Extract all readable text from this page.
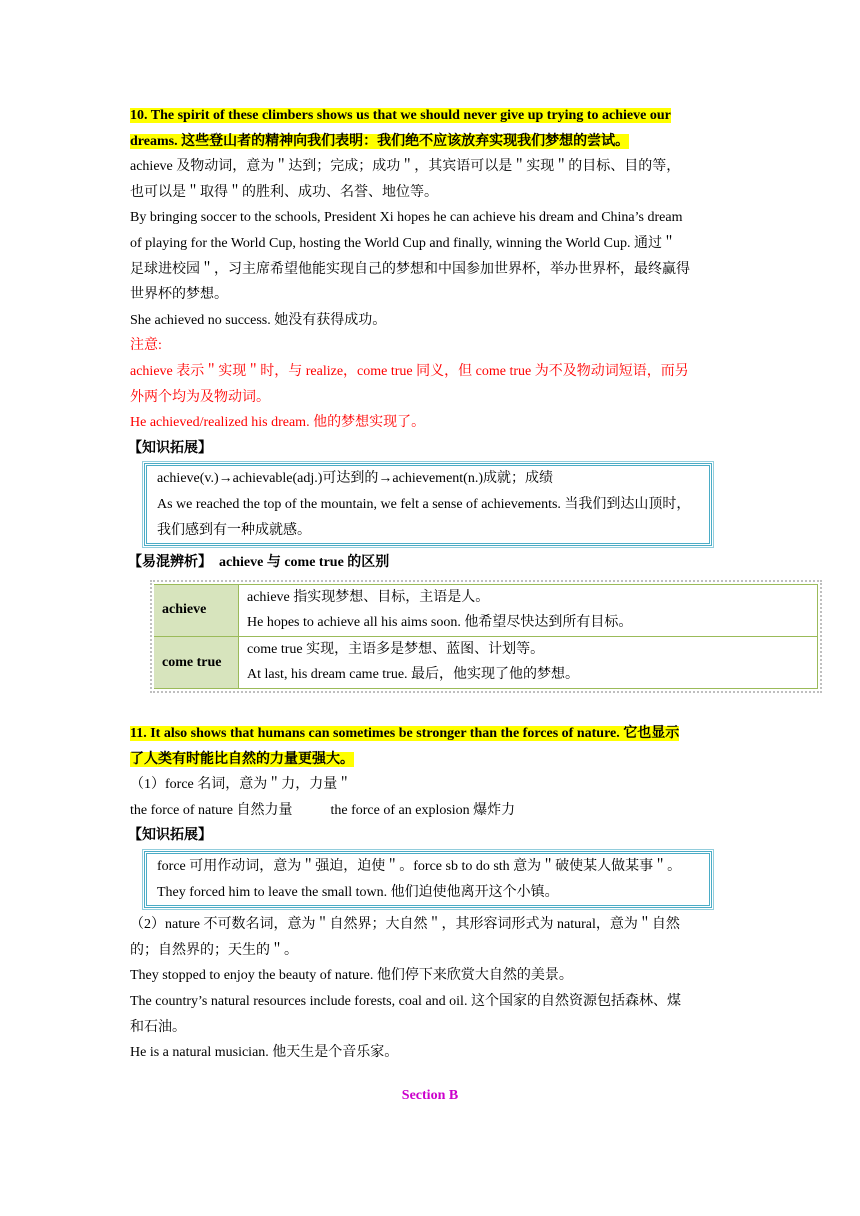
10. The spirit of these climbers shows us that we should never give up trying to achieve our
dreams. 这些登山者的精神向我们表明：我们绝不应该放弃实现我们梦想的尝试。

achieve 及物动词，意为＂达到；完成；成功＂，其宾语可以是＂实现＂的目标、目的等，
也可以是＂取得＂的胜利、成功、名誉、地位等。

By bringing soccer to the schools, President Xi hopes he can achieve his dream and China’s dream
of playing for the World Cup, hosting the World Cup and finally, winning the World Cup. 通过＂
足球进校园＂，习主席希望他能实现自己的梦想和中国参加世界杯，举办世界杯，最终赢得
世界杯的梦想。

She achieved no success. 她没有获得成功。

注意:

achieve 表示＂实现＂时，与 realize，come true 同义，但 come true 为不及物动词短语，而另
外两个均为及物动词。

He achieved/realized his dream. 他的梦想实现了。

【知识拓展】

achieve(v.)→achievable(adj.)可达到的→achievement(n.)成就；成绩

As we reached the top of the mountain, we felt a sense of achievements. 当我们到达山顶时，
我们感到有一种成就感。

【易混辨析】 achieve 与 come true 的区别

achieve	achieve 指实现梦想、目标，主语是人。
He hopes to achieve all his aims soon. 他希望尽快达到所有目标。
come true	come true 实现，主语多是梦想、蓝图、计划等。
At last, his dream came true. 最后，他实现了他的梦想。

11. It also shows that humans can sometimes be stronger than the forces of nature. 它也显示
了人类有时能比自然的力量更强大。

（1）force 名词，意为＂力，力量＂

the force of nature 自然力量	the force of an explosion 爆炸力

【知识拓展】

force 可用作动词，意为＂强迫，迫使＂。force sb to do sth 意为＂破使某人做某事＂。

They forced him to leave the small town. 他们迫使他离开这个小镇。

（2）nature 不可数名词，意为＂自然界；大自然＂，其形容词形式为 natural，意为＂自然
的；自然界的；天生的＂。

They stopped to enjoy the beauty of nature. 他们停下来欣赏大自然的美景。

The country’s natural resources include forests, coal and oil. 这个国家的自然资源包括森林、煤
和石油。

He is a natural musician. 他天生是个音乐家。

Section B
